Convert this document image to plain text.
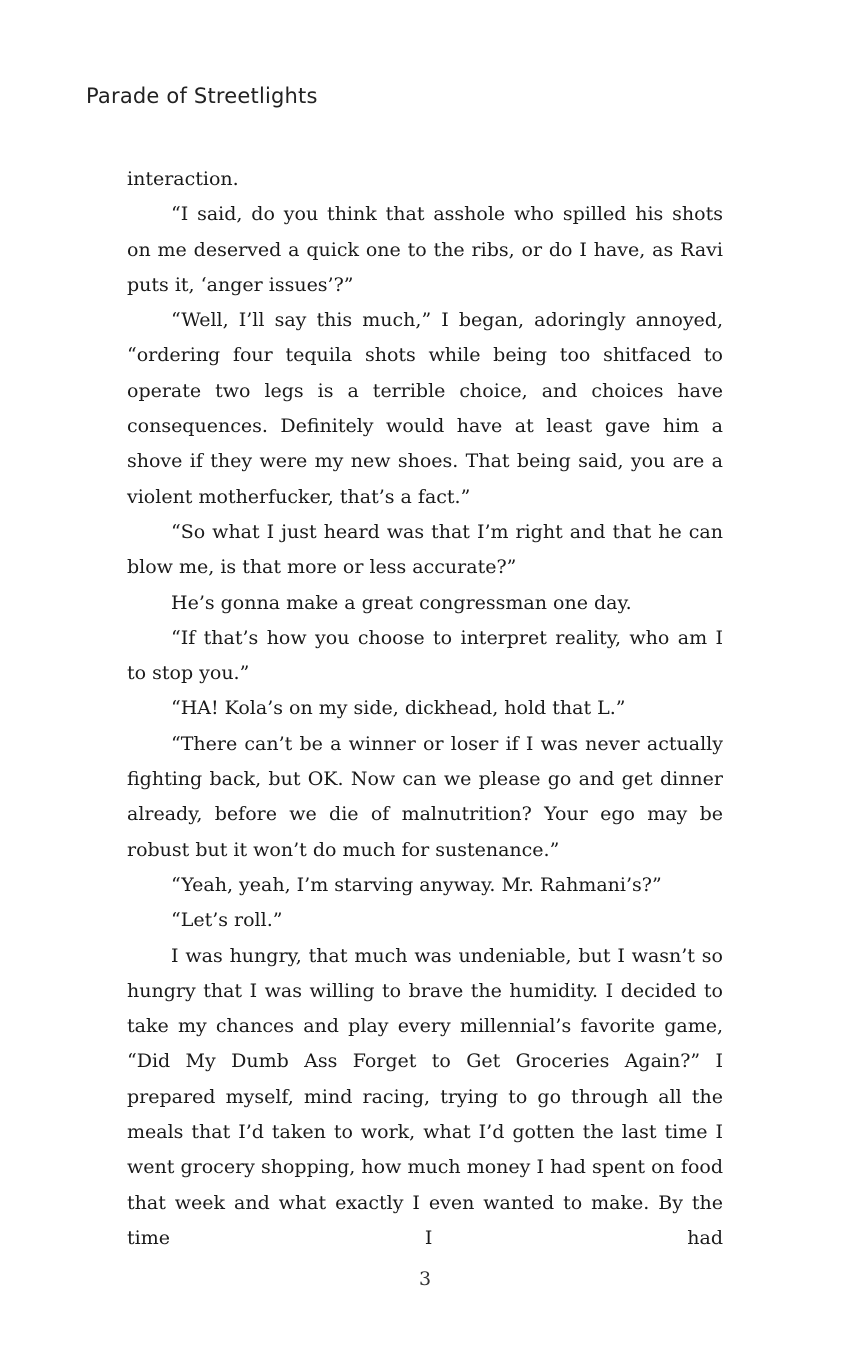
Parade of Streetlights

interaction.

“I said, do you think that asshole who spilled his shots on me deserved a quick one to the ribs, or do I have, as Ravi puts it, ‘anger issues’?”

“Well, I’ll say this much,” I began, adoringly annoyed, “ordering four tequila shots while being too shitfaced to operate two legs is a terrible choice, and choices have consequences. Definitely would have at least gave him a shove if they were my new shoes. That being said, you are a violent motherfucker, that’s a fact.”

“So what I just heard was that I’m right and that he can blow me, is that more or less accurate?”

He’s gonna make a great congressman one day.

“If that’s how you choose to interpret reality, who am I to stop you.”

“HA! Kola’s on my side, dickhead, hold that L.”

“There can’t be a winner or loser if I was never actually fighting back, but OK. Now can we please go and get dinner already, before we die of malnutrition? Your ego may be robust but it won’t do much for sustenance.”

“Yeah, yeah, I’m starving anyway. Mr. Rahmani’s?”

“Let’s roll.”

I was hungry, that much was undeniable, but I wasn’t so hungry that I was willing to brave the humidity. I decided to take my chances and play every millennial’s favorite game, “Did My Dumb Ass Forget to Get Groceries Again?” I prepared myself, mind racing, trying to go through all the meals that I’d taken to work, what I’d gotten the last time I went grocery shopping, how much money I had spent on food that week and what exactly I even wanted to make. By the time I had

3
